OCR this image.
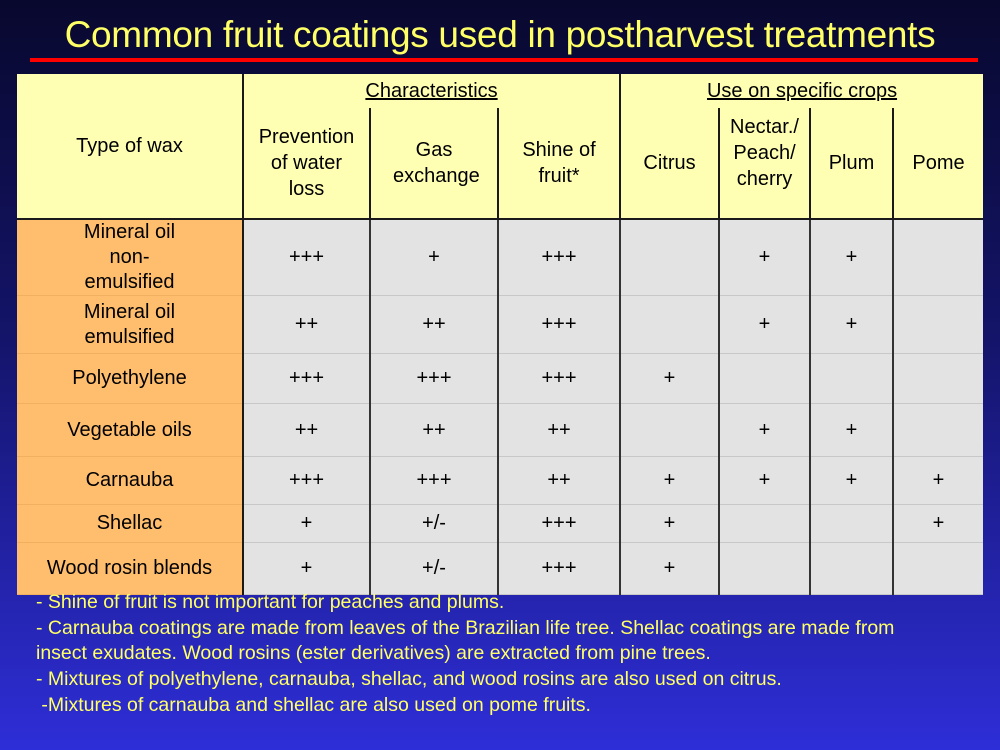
Common fruit coatings used in postharvest treatments
Type of wax	Characteristics			Use on specific crops			
	Prevention of water loss	Gas exchange	Shine of fruit*	Citrus	Nectar./ Peach/ cherry	Plum	Pome
Mineral oil non-emulsified	+++	+	+++		+	+	
Mineral oil emulsified	++	++	+++		+	+	
Polyethylene	+++	+++	+++	+			
Vegetable oils	++	++	++		+	+	
Carnauba	+++	+++	++	+	+	+	+
Shellac	+	+/-	+++	+			+
Wood rosin blends	+	+/-	+++	+			

- Shine of fruit is not important for peaches and plums.

- Carnauba coatings are made from leaves of the Brazilian life tree. Shellac coatings are made from insect exudates. Wood rosins (ester derivatives) are extracted from pine trees.

- Mixtures of polyethylene, carnauba, shellac, and wood rosins are also used on citrus.

-Mixtures of carnauba and shellac are also used on pome fruits.
